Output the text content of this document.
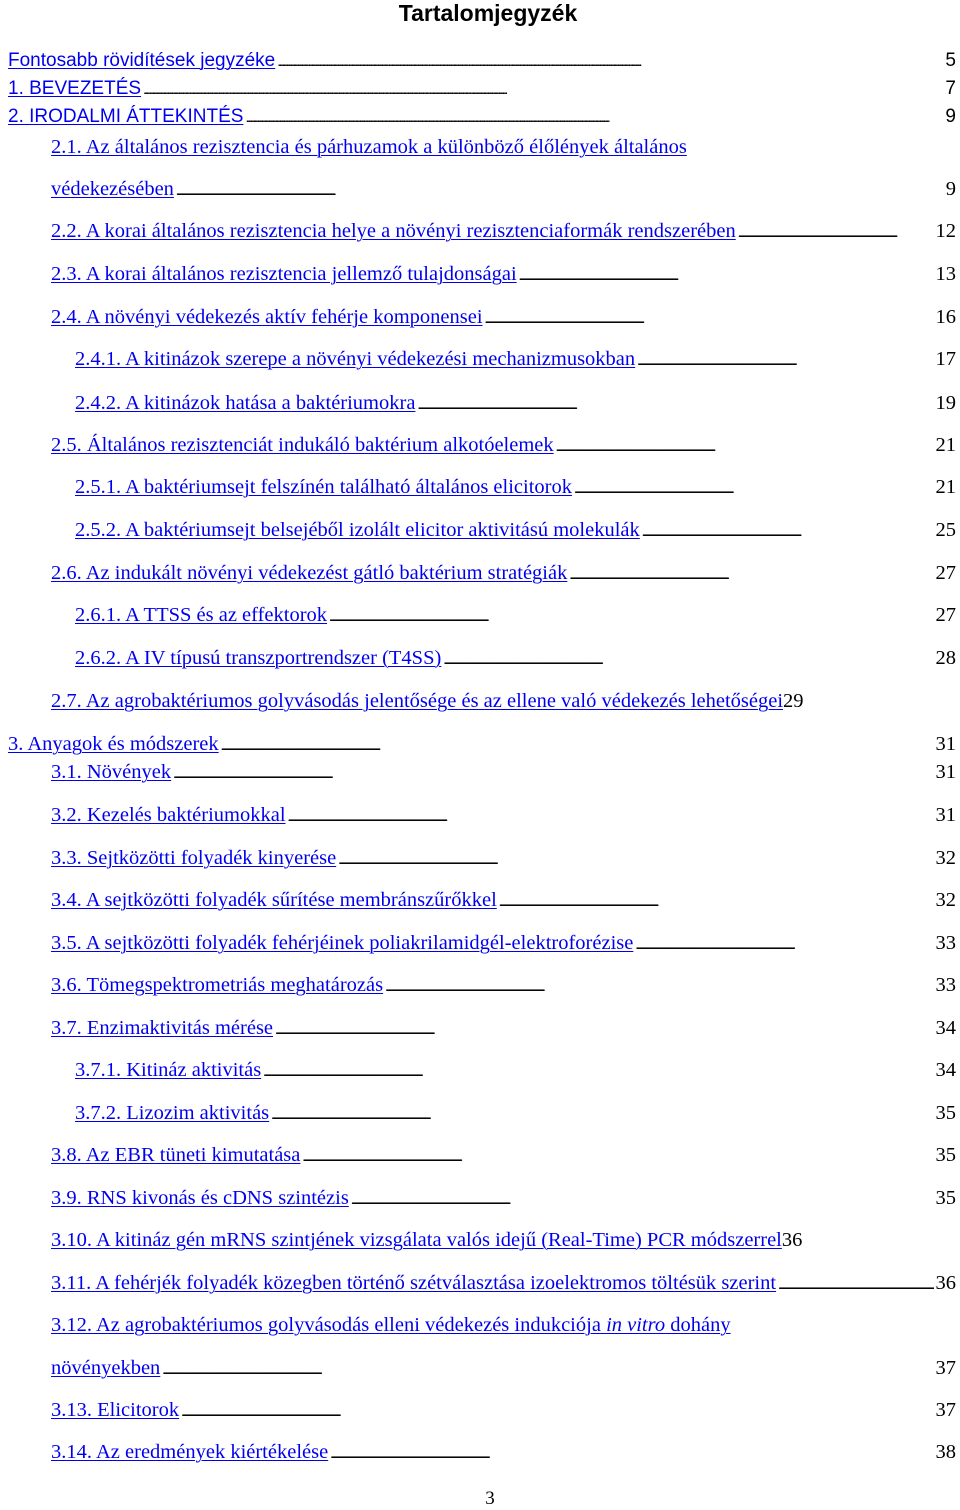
Tartalomjegyzék
Fontosabb rövidítések jegyzéke . . .	5
1. BEVEZETÉS . . .	7
2. IRODALMI ÁTTEKINTÉS . . .	9
2.1. Az általános rezisztencia és párhuzamok a különböző élőlények általános
védekezésében . . .	9
2.2. A korai általános rezisztencia helye a növényi rezisztenciaformák rendszerében . . .	12
2.3. A korai általános rezisztencia jellemző tulajdonságai . . .	13
2.4. A növényi védekezés aktív fehérje komponensei . . .	16
2.4.1. A kitinázok szerepe a növényi védekezési mechanizmusokban . . .	17
2.4.2. A kitinázok hatása a baktériumokra . . .	19
2.5. Általános rezisztenciát indukáló baktérium alkotóelemek . . .	21
2.5.1. A baktériumsejt felszínén található általános elicitorok . . .	21
2.5.2. A baktériumsejt belsejéből izolált elicitor aktivitású molekulák . . .	25
2.6. Az indukált növényi védekezést gátló baktérium stratégiák . . .	27
2.6.1. A TTSS és az effektorok . . .	27
2.6.2. A IV típusú transzportrendszer (T4SS) . . .	28
2.7. Az agrobaktériumos golyvásodás jelentősége és az ellene való védekezés lehetőségei 29
3. Anyagok és módszerek . . .	31
3.1. Növények . . .	31
3.2. Kezelés baktériumokkal . . .	31
3.3. Sejtközötti folyadék kinyerése . . .	32
3.4. A sejtközötti folyadék sűrítése membránszűrőkkel . . .	32
3.5. A sejtközötti folyadék fehérjéinek poliakrilamidgél-elektroforézise . . .	33
3.6. Tömegspektrometriás meghatározás . . .	33
3.7. Enzimaktivitás mérése . . .	34
3.7.1. Kitináz aktivitás . . .	34
3.7.2. Lizozim aktivitás . . .	35
3.8. Az EBR tüneti kimutatása . . .	35
3.9. RNS kivonás és cDNS szintézis . . .	35
3.10. A kitináz gén mRNS szintjének vizsgálata valós idejű (Real-Time) PCR módszerrel 36
3.11. A fehérjék folyadék közegben történő szétválasztása izoelektromos töltésük szerint . . .	36
3.12. Az agrobaktériumos golyvásodás elleni védekezés indukciója in vitro dohány
növényekben . . .	37
3.13. Elicitorok . . .	37
3.14. Az eredmények kiértékelése . . .	38
3
